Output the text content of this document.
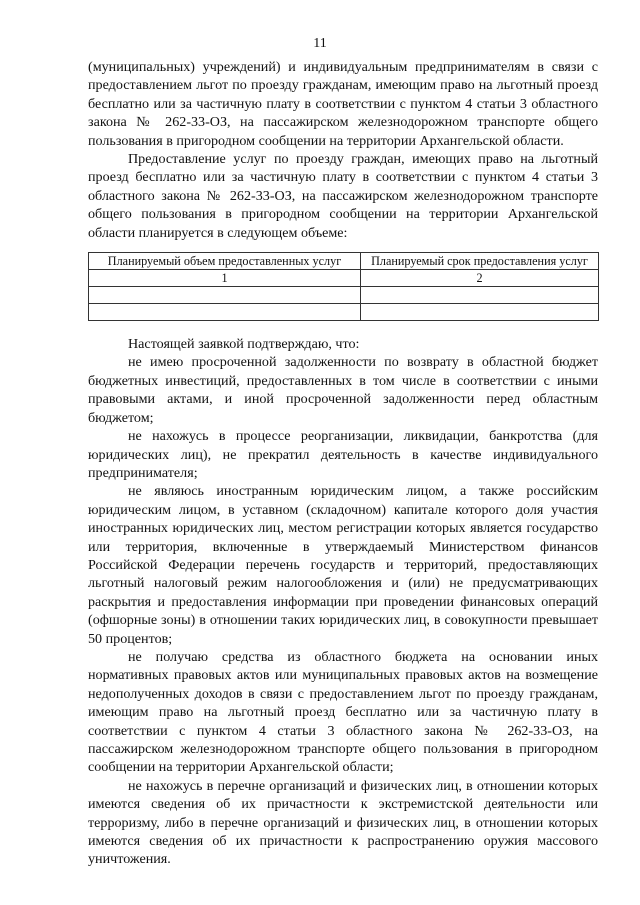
11

(муниципальных) учреждений) и индивидуальным предпринимателям в связи с предоставлением льгот по проезду гражданам, имеющим право на льготный проезд бесплатно или за частичную плату в соответствии с пунктом 4 статьи 3 областного закона № 262-33-ОЗ, на пассажирском железнодорожном транспорте общего пользования в пригородном сообщении на территории Архангельской области.

Предоставление услуг по проезду граждан, имеющих право на льготный проезд бесплатно или за частичную плату в соответствии с пунктом 4 статьи 3 областного закона № 262-33-ОЗ, на пассажирском железнодорожном транспорте общего пользования в пригородном сообщении на территории Архангельской области планируется в следующем объеме:

Планируемый объем предоставленных услуг	Планируемый срок предоставления услуг
1	2

Настоящей заявкой подтверждаю, что:

не имею просроченной задолженности по возврату в областной бюджет бюджетных инвестиций, предоставленных в том числе в соответствии с иными правовыми актами, и иной просроченной задолженности перед областным бюджетом;

не нахожусь в процессе реорганизации, ликвидации, банкротства (для юридических лиц), не прекратил деятельность в качестве индивидуального предпринимателя;

не являюсь иностранным юридическим лицом, а также российским юридическим лицом, в уставном (складочном) капитале которого доля участия иностранных юридических лиц, местом регистрации которых является государство или территория, включенные в утверждаемый Министерством финансов Российской Федерации перечень государств и территорий, предоставляющих льготный налоговый режим налогообложения и (или) не предусматривающих раскрытия и предоставления информации при проведении финансовых операций (офшорные зоны) в отношении таких юридических лиц, в совокупности превышает 50 процентов;

не получаю средства из областного бюджета на основании иных нормативных правовых актов или муниципальных правовых актов на возмещение недополученных доходов в связи с предоставлением льгот по проезду гражданам, имеющим право на льготный проезд бесплатно или за частичную плату в соответствии с пунктом 4 статьи 3 областного закона № 262-33-ОЗ, на пассажирском железнодорожном транспорте общего пользования в пригородном сообщении на территории Архангельской области;

не нахожусь в перечне организаций и физических лиц, в отношении которых имеются сведения об их причастности к экстремистской деятельности или терроризму, либо в перечне организаций и физических лиц, в отношении которых имеются сведения об их причастности к распространению оружия массового уничтожения.
